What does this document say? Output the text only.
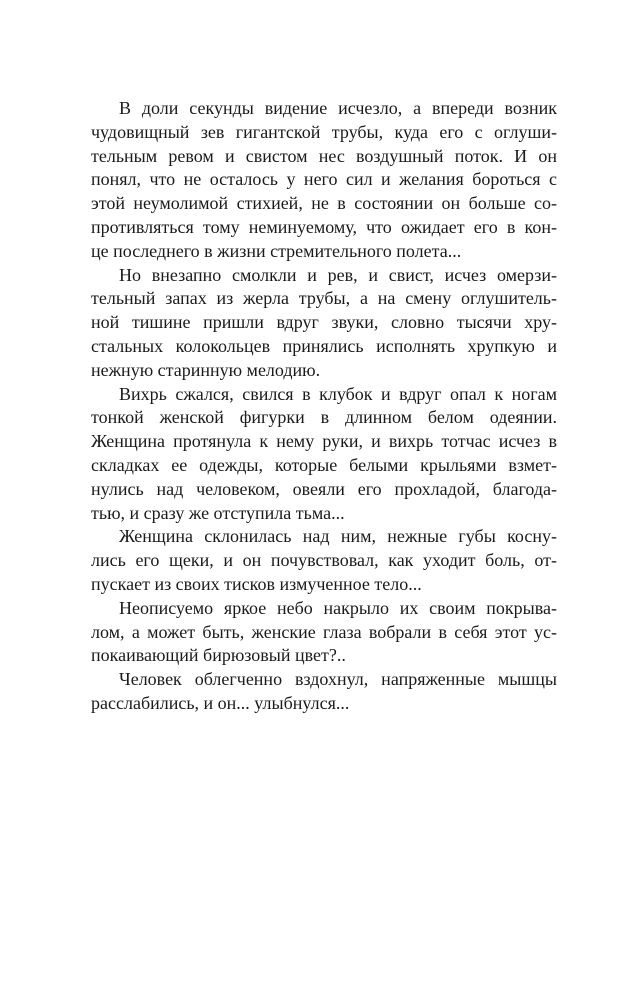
В доли секунды видение исчезло, а впереди возник
чудовищный зев гигантской трубы, куда его с оглуши-
тельным ревом и свистом нес воздушный поток. И он
понял, что не осталось у него сил и желания бороться с
этой неумолимой стихией, не в состоянии он больше со-
противляться тому неминуемому, что ожидает его в кон-
це последнего в жизни стремительного полета...
Но внезапно смолкли и рев, и свист, исчез омерзи-
тельный запах из жерла трубы, а на смену оглушитель-
ной тишине пришли вдруг звуки, словно тысячи хру-
стальных колокольцев принялись исполнять хрупкую и
нежную старинную мелодию.
Вихрь сжался, свился в клубок и вдруг опал к ногам
тонкой женской фигурки в длинном белом одеянии.
Женщина протянула к нему руки, и вихрь тотчас исчез в
складках ее одежды, которые белыми крыльями взмет-
нулись над человеком, овеяли его прохладой, благода-
тью, и сразу же отступила тьма...
Женщина склонилась над ним, нежные губы косну-
лись его щеки, и он почувствовал, как уходит боль, от-
пускает из своих тисков измученное тело...
Неописуемо яркое небо накрыло их своим покрыва-
лом, а может быть, женские глаза вобрали в себя этот ус-
покаивающий бирюзовый цвет?..
Человек облегченно вздохнул, напряженные мышцы
расслабились, и он... улыбнулся...
